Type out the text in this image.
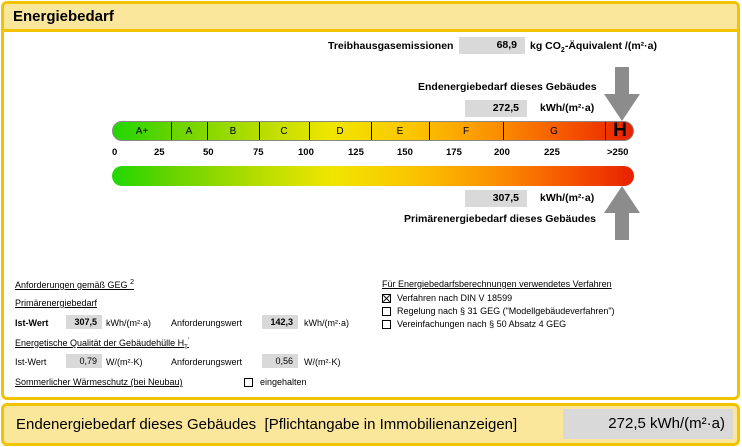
Energiebedarf
Treibhausgasemissionen	68,9	kg $CO_2$-Äquivalent /(m²·a)
Endenergiebedarf dieses Gebäudes
272,5	kWh/(m²·a)
A+	A	B	C	D	E	F	G	H
0	25	50	75	100	125	150	175	200	225	>250
307,5	kWh/(m²·a)
Primärenergiebedarf dieses Gebäudes
Anforderungen gemäß GEG $^2$
Primärenergiebedarf
Ist-Wert	307,5	kWh/(m²·a) Anforderungswert	142,3	kWh/(m²·a)
Energetische Qualität der Gebäudehülle $H_T'$
Ist-Wert	0,79	W/(m²·K)	Anforderungswert	0,56	W/(m²·K)
Sommerlicher Wärmeschutz (bei Neubau)	eingehalten
Für Energiebedarfsberechnungen verwendetes Verfahren
Verfahren nach DIN V 18599
Regelung nach § 31 GEG ("Modellgebäudeverfahren")
Vereinfachungen nach § 50 Absatz 4 GEG
Endenergiebedarf dieses Gebäudes [Pflichtangabe in Immobilienanzeigen]	272,5 kWh/(m²·a)
